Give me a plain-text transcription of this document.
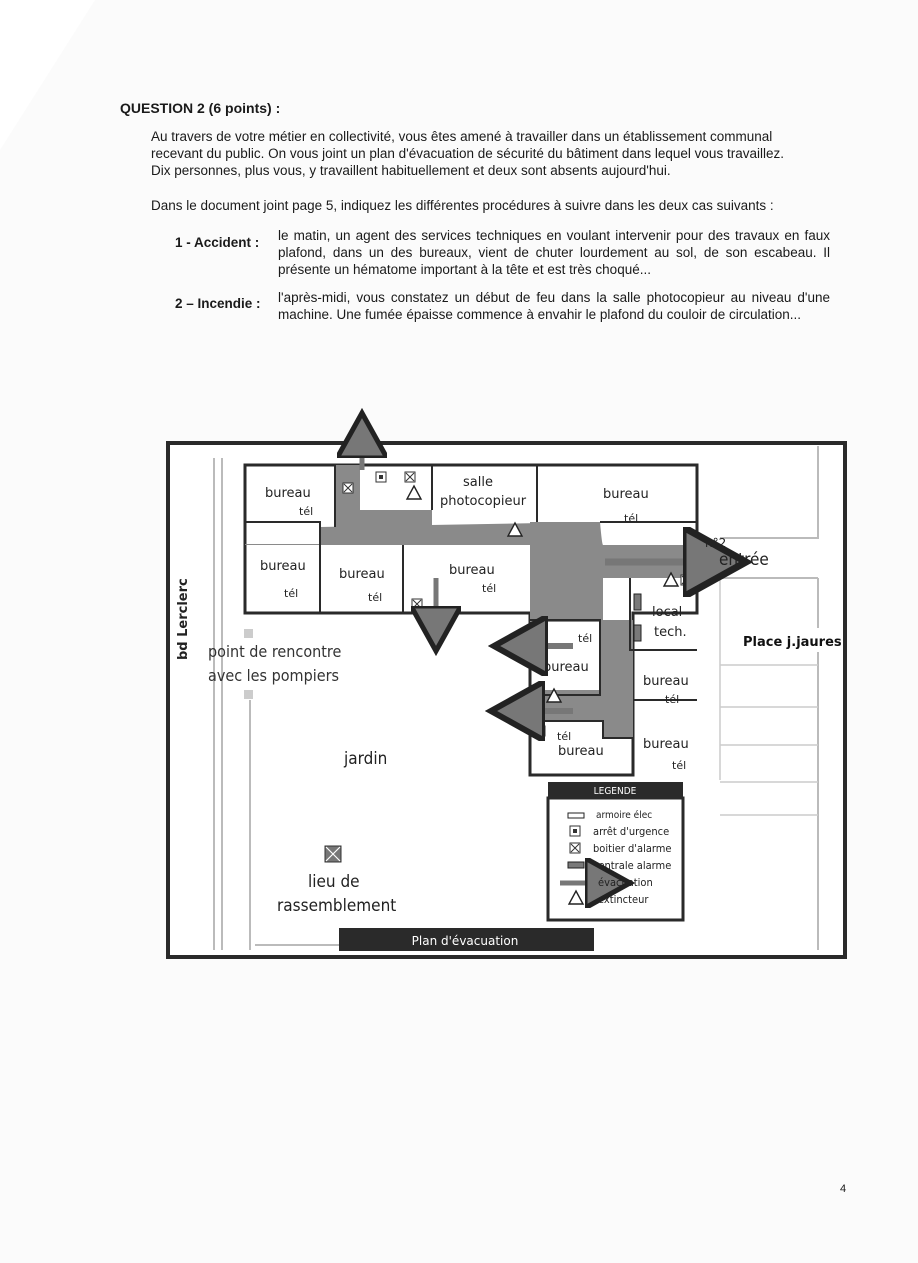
QUESTION 2 (6 points) :
Au travers de votre métier en collectivité, vous êtes amené à travailler dans un établissement communal
recevant du public. On vous joint un plan d'évacuation de sécurité du bâtiment dans lequel vous travaillez.
Dix personnes, plus vous, y travaillent habituellement et deux sont absents aujourd'hui.
Dans le document joint page 5, indiquez les différentes procédures à suivre dans les deux cas suivants :
1 - Accident : le matin, un agent des services techniques en voulant intervenir pour des travaux en faux plafond, dans un des bureaux, vient de chuter lourdement au sol, de son escabeau. Il présente un hématome important à la tête et est très choqué...
2 – Incendie : l'après-midi, vous constatez un début de feu dans la salle photocopieur au niveau d'une machine. Une fumée épaisse commence à envahir le plafond du couloir de circulation...
bureau
tél
salle
photocopieur	bureau
tél
bureau
tél
bureau
tél
bureau
tél
local
tech.
tél
bureau
bureau
tél
tél
bureau	bureau
tél
bd Lerclerc point de rencontre
avec les pompiers
jardin
lieu de
rassemblement
n°2
entrée
Place j.jaures
LEGENDE
armoire élec
arrêt d'urgence
boitier d'alarme
centrale alarme
évacuation
extincteur
Plan d'évacuation
4
